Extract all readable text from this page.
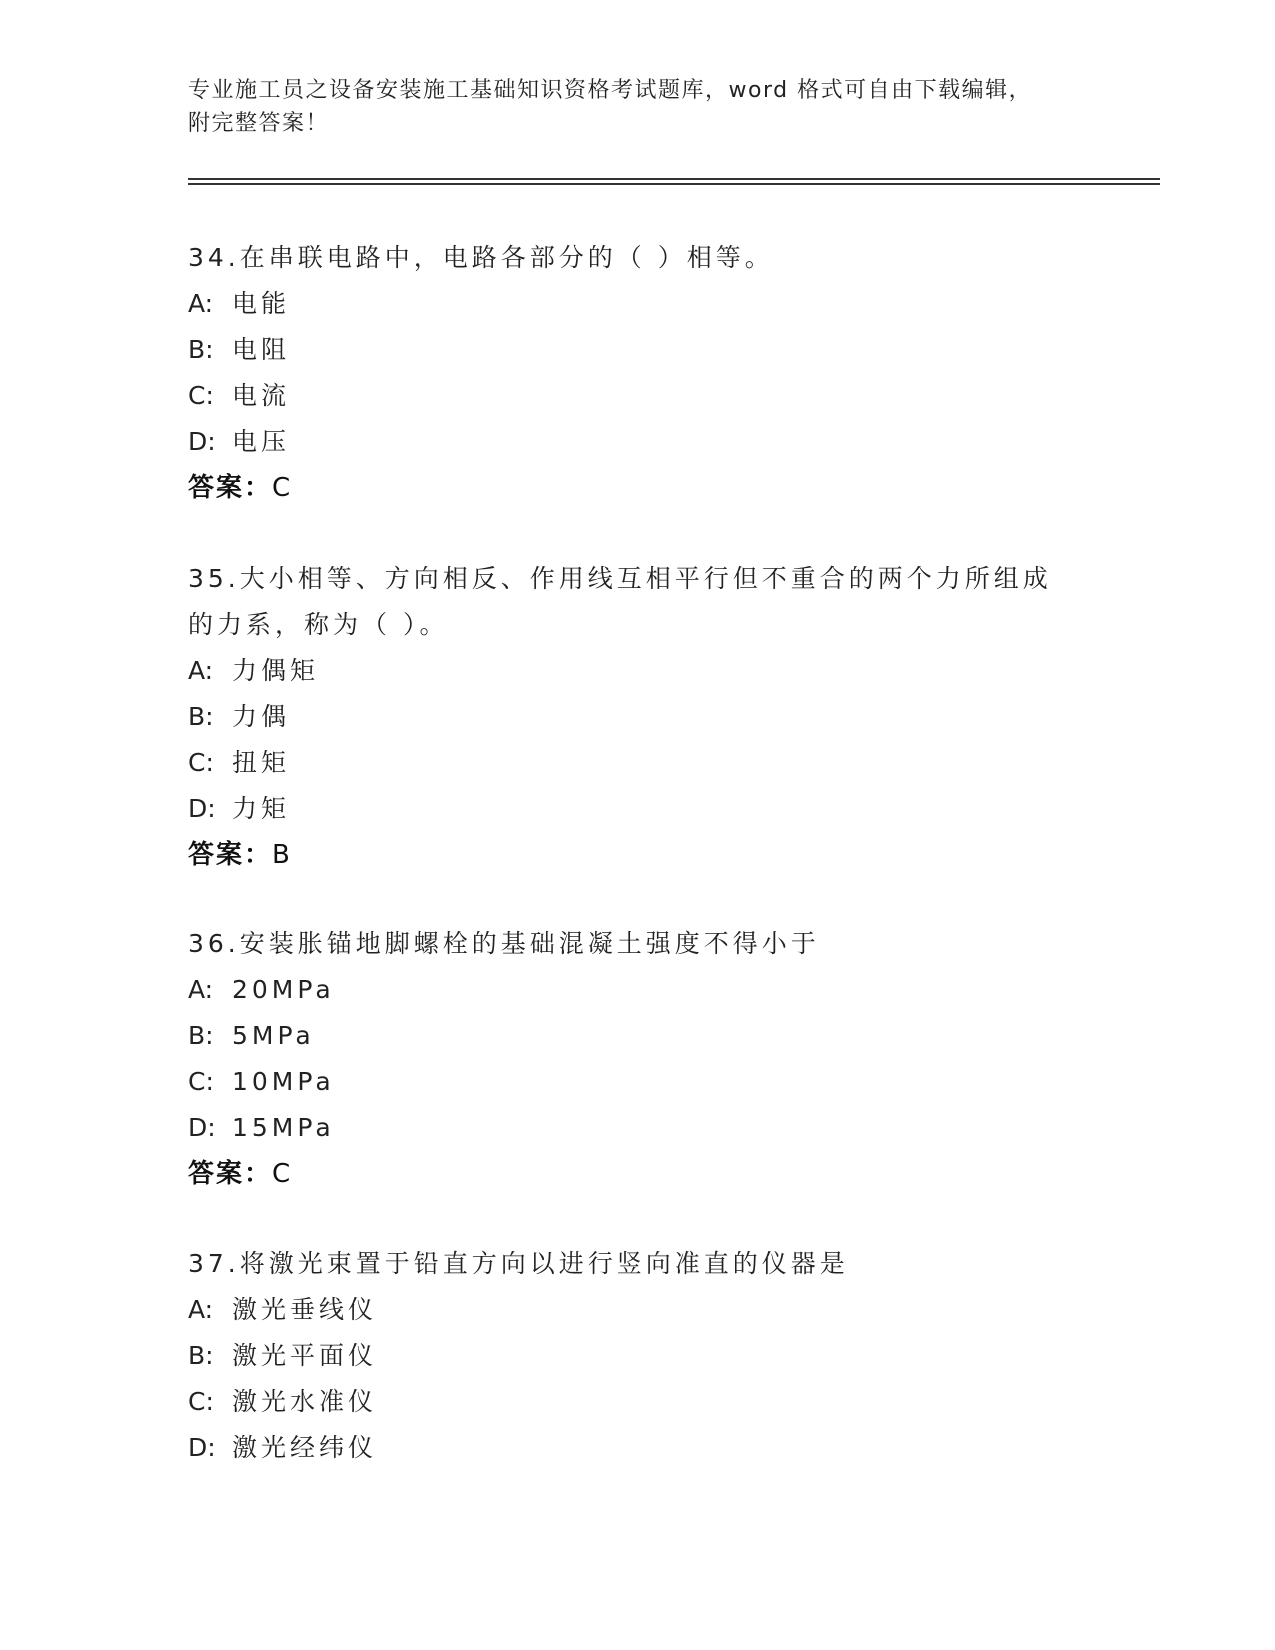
专业施工员之设备安装施工基础知识资格考试题库，word 格式可自由下载编辑，
附完整答案！
34.在串联电路中，电路各部分的（ ）相等。
A: 电能
B: 电阻
C: 电流
D: 电压
答案：C
35.大小相等、方向相反、作用线互相平行但不重合的两个力所组成的力系，称为（ ）。
A: 力偶矩
B: 力偶
C: 扭矩
D: 力矩
答案：B
36.安装胀锚地脚螺栓的基础混凝土强度不得小于
A: 20MPa
B: 5MPa
C: 10MPa
D: 15MPa
答案：C
37.将激光束置于铅直方向以进行竖向准直的仪器是
A: 激光垂线仪
B: 激光平面仪
C: 激光水准仪
D: 激光经纬仪
